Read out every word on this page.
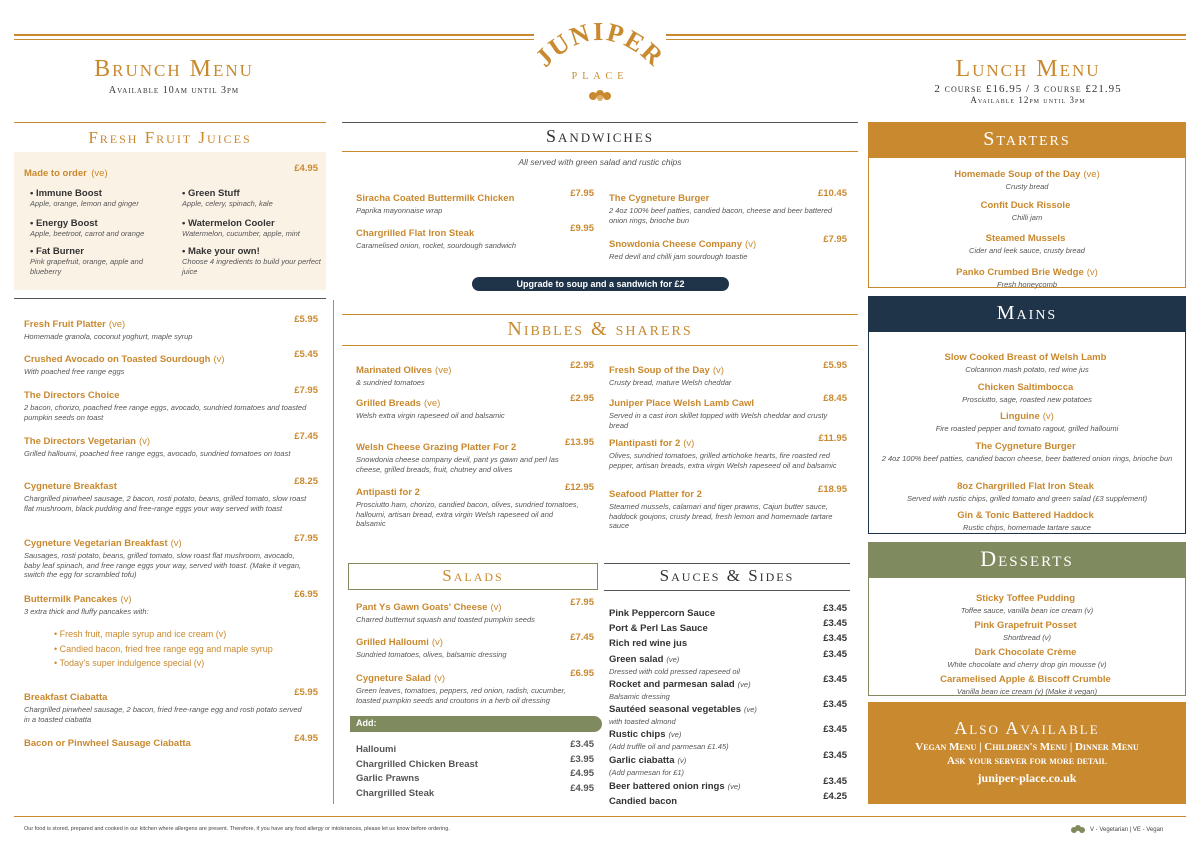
JUNIPER
PLACE
Brunch Menu
Available 10am until 3pm
Lunch Menu
2 course £16.95 / 3 course £21.95
Available 12pm until 3pm
Fresh Fruit Juices
Made to order (ve)	£4.95
Sandwiches
All served with green salad and rustic chips
Upgrade to soup and a sandwich for £2
Nibbles & sharers
Salads
Add:
Sauces & Sides
Starters
Mains
Desserts
Also Available
Vegan Menu | Children's Menu | Dinner Menu
Ask your server for more detail
juniper-place.co.uk
Our food is stored, prepared and cooked in our kitchen where allergens are present. Therefore, if you have any food allergy or intolerances, please let us know before ordering.	V - Vegetarian | VE - Vegan
• Immune Boost
Apple, orange, lemon and ginger
• Green Stuff
Apple, celery, spinach, kale
• Energy Boost
Apple, beetroot, carrot and orange
• Watermelon Cooler
Watermelon, cucumber, apple, mint
• Fat Burner
Pink grapefruit, orange, apple and blueberry
• Make your own!
Choose 4 ingredients to build your perfect juice
Fresh Fruit Platter (ve)	£5.95
Homemade granola, coconut yoghurt, maple syrup
Crushed Avocado on Toasted Sourdough (v)	£5.45
With poached free range eggs
The Directors Choice	£7.95
2 bacon, chorizo, poached free range eggs, avocado, sundried tomatoes and toasted pumpkin seeds on toast
The Directors Vegetarian (v)	£7.45
Grilled halloumi, poached free range eggs, avocado, sundried tomatoes on toast
Cygneture Breakfast	£8.25
Chargrilled pinwheel sausage, 2 bacon, rosti potato, beans, grilled tomato, slow roast flat mushroom, black pudding and free-range eggs your way served with toast
Cygneture Vegetarian Breakfast (v)	£7.95
Sausages, rosti potato, beans, grilled tomato, slow roast flat mushroom, avocado, baby leaf spinach, and free range eggs your way, served with toast. (Make it vegan, switch the egg for scrambled tofu)
Buttermilk Pancakes (v)	£6.95
3 extra thick and fluffy pancakes with:
Breakfast Ciabatta	£5.95
Chargrilled pinwheel sausage, 2 bacon, fried free-range egg and rosti potato served in a toasted ciabatta
Bacon or Pinwheel Sausage Ciabatta	£4.95
• Fresh fruit, maple syrup and ice cream (v)
• Candied bacon, fried free range egg and maple syrup
• Today's super indulgence special (v)
Siracha Coated Buttermilk Chicken	£7.95
Paprika mayonnaise wrap
Chargrilled Flat Iron Steak	£9.95
Caramelised onion, rocket, sourdough sandwich
The Cygneture Burger	£10.45
2 4oz 100% beef patties, candied bacon, cheese and beer battered onion rings, brioche bun
Snowdonia Cheese Company (v)	£7.95
Red devil and chilli jam sourdough toastie
Marinated Olives (ve)	£2.95
& sundried tomatoes
Grilled Breads (ve)	£2.95
Welsh extra virgin rapeseed oil and balsamic
Welsh Cheese Grazing Platter For 2	£13.95
Snowdonia cheese company devil, pant ys gawn and perl las cheese, grilled breads, fruit, chutney and olives
Antipasti for 2	£12.95
Prosciutto ham, chorizo, candied bacon, olives, sundried tomatoes, halloumi, artisan bread, extra virgin Welsh rapeseed oil and balsamic
Fresh Soup of the Day (v)	£5.95
Crusty bread, mature Welsh cheddar
Juniper Place Welsh Lamb Cawl	£8.45
Served in a cast iron skillet topped with Welsh cheddar and crusty bread
Plantipasti for 2 (v)	£11.95
Olives, sundried tomatoes, grilled artichoke hearts, fire roasted red pepper, artisan breads, extra virgin Welsh rapeseed oil and balsamic
Seafood Platter for 2	£18.95
Steamed mussels, calamari and tiger prawns, Cajun butter sauce, haddock goujons, crusty bread, fresh lemon and homemade tartare sauce
Pant Ys Gawn Goats' Cheese (v)	£7.95
Charred butternut squash and toasted pumpkin seeds
Grilled Halloumi (v)	£7.45
Sundried tomatoes, olives, balsamic dressing
Cygneture Salad (v)	£6.95
Green leaves, tomatoes, peppers, red onion, radish, cucumber, toasted pumpkin seeds and croutons in a herb oil dressing
Halloumi	£3.45
Chargrilled Chicken Breast	£3.95
Garlic Prawns	£4.95
Chargrilled Steak	£4.95
Pink Peppercorn Sauce	£3.45
Port & Perl Las Sauce	£3.45
Rich red wine jus	£3.45
Green salad (ve)	£3.45
Dressed with cold pressed rapeseed oil
Rocket and parmesan salad (ve)	£3.45
Balsamic dressing
Sautéed seasonal vegetables (ve)	£3.45
with toasted almond
Rustic chips (ve)	£3.45
(Add truffle oil and parmesan £1.45)
Garlic ciabatta (v)	£3.45
(Add parmesan for £1)
Beer battered onion rings (ve)	£3.45
Candied bacon	£4.25
Homemade Soup of the Day (ve)
Crusty bread
Confit Duck Rissole
Chilli jam
Steamed Mussels
Cider and leek sauce, crusty bread
Panko Crumbed Brie Wedge (v)
Fresh honeycomb
Slow Cooked Breast of Welsh Lamb
Colcannon mash potato, red wine jus
Chicken Saltimbocca
Prosciutto, sage, roasted new potatoes
Linguine (v)
Fire roasted pepper and tomato ragout, grilled halloumi
The Cygneture Burger
2 4oz 100% beef patties, candied bacon cheese, beer battered onion rings, brioche bun
8oz Chargrilled Flat Iron Steak
Served with rustic chips, grilled tomato and green salad (£3 supplement)
Gin & Tonic Battered Haddock
Rustic chips, homemade tartare sauce
Sticky Toffee Pudding
Toffee sauce, vanilla bean ice cream (v)
Pink Grapefruit Posset
Shortbread (v)
Dark Chocolate Crème
White chocolate and cherry drop gin mousse (v)
Caramelised Apple & Biscoff Crumble
Vanilla bean ice cream (v) (Make it vegan)
